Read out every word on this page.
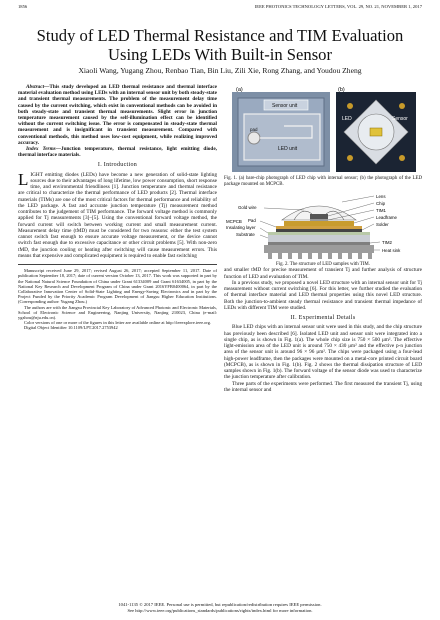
1856	IEEE PHOTONICS TECHNOLOGY LETTERS, VOL. 29, NO. 21, NOVEMBER 1, 2017
Study of LED Thermal Resistance and TIM Evaluation Using LEDs With Built-in Sensor
Xiaoli Wang, Yugang Zhou, Renbao Tian, Bin Liu, Zili Xie, Rong Zhang, and Youdou Zheng

Abstract—This study developed an LED thermal resistance and thermal interface material evaluation method using LEDs with an internal sensor unit by both steady-state and transient thermal measurements. The problem of the measurement delay time caused by the current switching, which exist in conventional methods can be avoided in both steady-state and transient thermal measurements. Slight error in junction temperature measurement caused by the self-illumination effect can be identified without the current switching issue. The error is compensated in steady-state thermal measurement and is insignificant in transient measurement. Compared with conventional methods, this method uses low-cost equipment, while realizing improved accuracy.

Index Terms—Junction temperature, thermal resistance, light emitting diode, thermal interface materials.

I. Introduction

LIGHT emitting diodes (LEDs) have become a new generation of solid-state lighting sources due to their advantages of long lifetime, low power consumption, short response time, and environmental friendliness [1]. Junction temperature and thermal resistance are critical to characterize the thermal performance of LED products [2]. Thermal interface materials (TIMs) are one of the most critical factors for thermal performance and reliability of the LED package. A fast and accurate junction temperature (Tj) measurement method contributes to the judgement of TIM performance. The forward voltage method is commonly applied for Tj measurements [3]–[5]. Using the conventional forward voltage method, the forward current will switch between working current and small measurement current. Measurement delay time (tMD) must be considered for two reasons: either the test system cannot switch fast enough to ensure accurate voltage measurement, or the device cannot switch fast enough due to excessive capacitance or other circuit problems [5]. With non-zero tMD, the junction cooling or heating after switching will cause measurement errors. This means that expensive and complicated equipment is required to enable fast switching

Manuscript received June 29, 2017; revised August 26, 2017; accepted September 11, 2017. Date of publication September 18, 2017; date of current version October 13, 2017. This work was supported in part by the National Natural Science Foundation of China under Grant 61334009 and Grant 61634005, in part by the National Key Research and Development Program of China under Grant 2016YFB0400064, in part by the Collaborative Innovation Center of Solid-State Lighting and Energy-Saving Electronics and in part by the Project Funded by the Priority Academic Program Development of Jiangsu Higher Education Institutions. (Corresponding author: Yugang Zhou.)

The authors are with the Jiangsu Provincial Key Laboratory of Advanced Photonic and Electronic Materials, School of Electronic Science and Engineering, Nanjing University, Nanjing 210023, China (e-mail: ygzhou@nju.edu.cn).

Color versions of one or more of the figures in this letter are available online at http://ieeexplore.ieee.org.

Digital Object Identifier 10.1109/LPT.2017.2753942

(a)
Sensor unit
LED unit
pad
(b)
LED	Sensor

Fig. 1. (a) bare-chip photograph of LED chip with internal sensor; (b) the photograph of the LED package mounted on MCPCB.

Lens
Chip
TIM1
Leadframe
Solder
TIM2
Heat sink
Gold wire
Pad
Insulating layer
Substrate
MCPCB

Fig. 2. The structure of LED samples with TIM.

and smaller tMD for precise measurement of transient Tj and further analysis of structure function of LED and evaluation of TIM.

In a previous study, we proposed a novel LED structure with an internal sensor unit for Tj measurement without current switching [6]. For this letter, we further studied the evaluation of thermal interface material and LED thermal properties using this novel LED structure. Both the junction-to-ambient steady thermal resistance and transient thermal impedance of LEDs with different TIM were studied.

II. Experimental Details

Blue LED chips with an internal sensor unit were used in this study, and the chip structure has previously been described [6]. Isolated LED unit and sensor unit were integrated into a single chip, as is shown in Fig. 1(a). The whole chip size is 750 × 500 μm². The effective light-emission area of the LED unit is around 750 × 430 μm² and the effective p-n junction area of the sensor unit is around 96 × 96 μm². The chips were packaged using a four-lead high-power leadframe, then the packages were mounted on a metal-core printed circuit board (MCPCB), as is shown in Fig. 1(b). Fig. 2 shows the thermal dissipation structure of LED samples shown in Fig. 1(b). The forward voltage of the sensor diode was used to characterize the junction temperature after calibration.

Three parts of the experiments were performed. The first measured the transient Tj, using the internal sensor and

1041-1135 © 2017 IEEE. Personal use is permitted, but republication/redistribution requires IEEE permission.
See http://www.ieee.org/publications_standards/publications/rights/index.html for more information.
